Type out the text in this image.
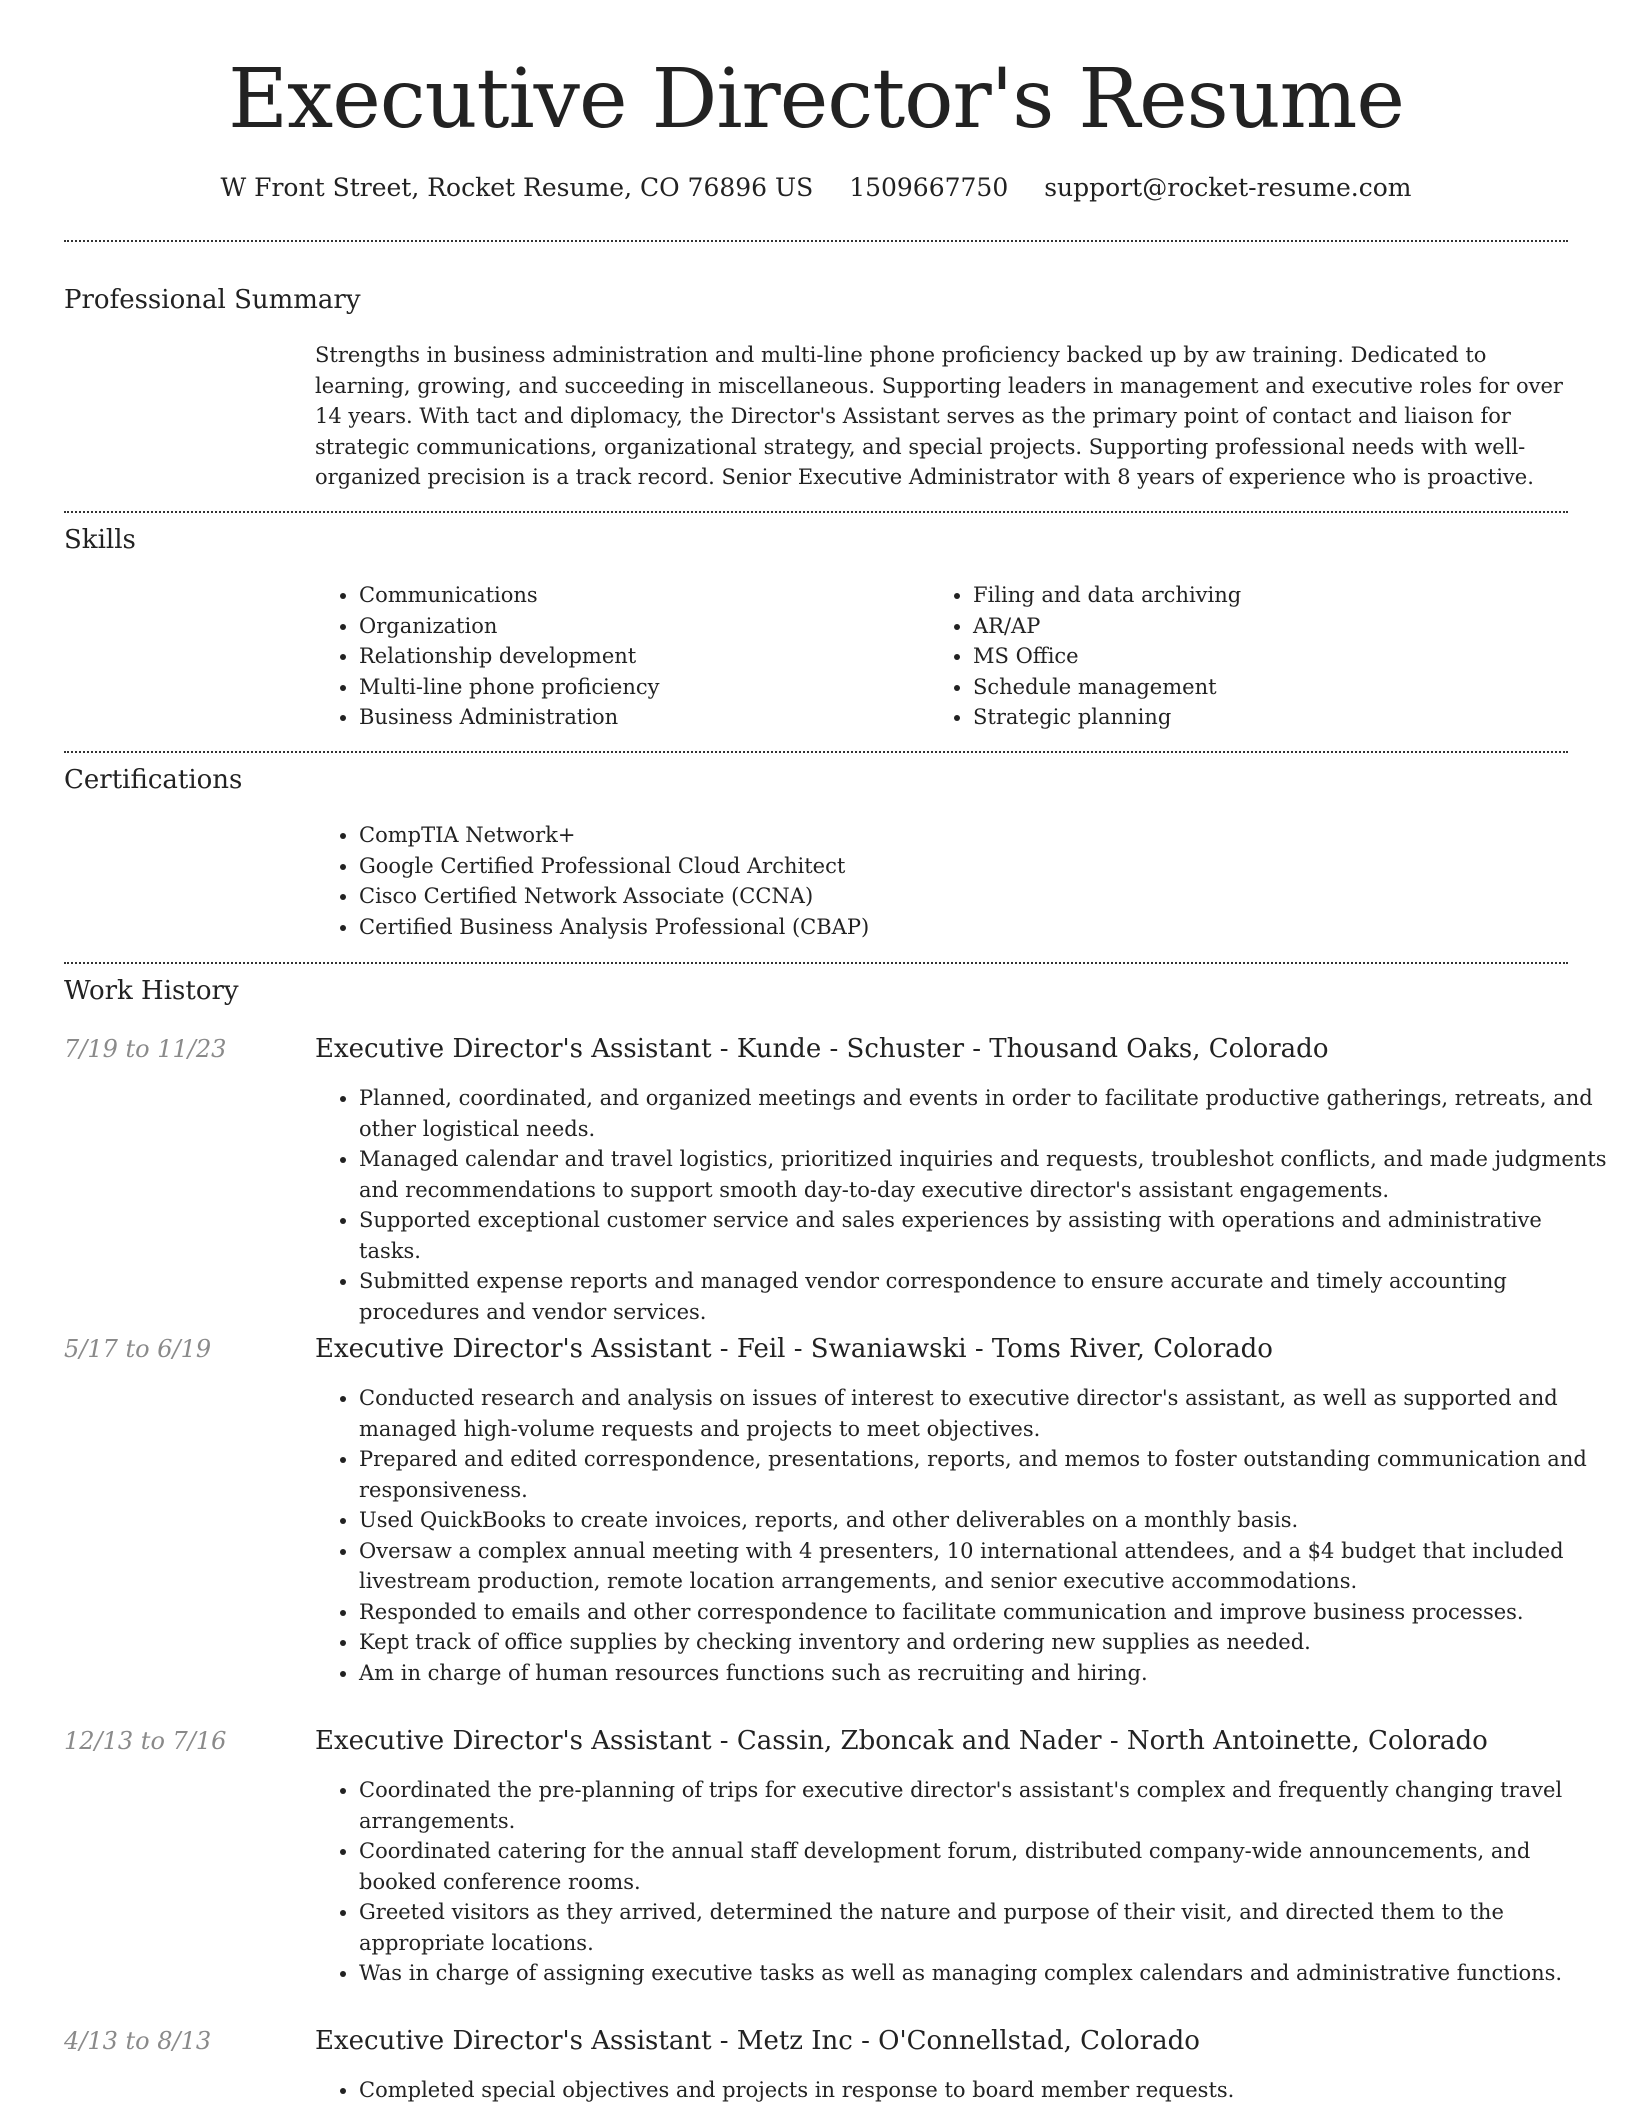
Executive Director's Resume
W Front Street, Rocket Resume, CO 76896 US 1509667750 support@rocket-resume.com
Professional Summary

Strengths in business administration and multi-line phone proficiency backed up by aw training. Dedicated to learning, growing, and succeeding in miscellaneous. Supporting leaders in management and executive roles for over 14 years. With tact and diplomacy, the Director's Assistant serves as the primary point of contact and liaison for strategic communications, organizational strategy, and special projects. Supporting professional needs with well-organized precision is a track record. Senior Executive Administrator with 8 years of experience who is proactive.

Skills
• Communications
• Organization
• Relationship development
• Multi-line phone proficiency
• Business Administration
• Filing and data archiving
• AR/AP
• MS Office
• Schedule management
• Strategic planning
Certifications
• CompTIA Network+
• Google Certified Professional Cloud Architect
• Cisco Certified Network Associate (CCNA)
• Certified Business Analysis Professional (CBAP)
Work History
7/19 to 11/23	Executive Director's Assistant - Kunde - Schuster - Thousand Oaks, Colorado
• Planned, coordinated, and organized meetings and events in order to facilitate productive gatherings, retreats, and other logistical needs.
• Managed calendar and travel logistics, prioritized inquiries and requests, troubleshot conflicts, and made judgments and recommendations to support smooth day-to-day executive director's assistant engagements.
• Supported exceptional customer service and sales experiences by assisting with operations and administrative tasks.
• Submitted expense reports and managed vendor correspondence to ensure accurate and timely accounting procedures and vendor services.
5/17 to 6/19	Executive Director's Assistant - Feil - Swaniawski - Toms River, Colorado
• Conducted research and analysis on issues of interest to executive director's assistant, as well as supported and managed high-volume requests and projects to meet objectives.
• Prepared and edited correspondence, presentations, reports, and memos to foster outstanding communication and responsiveness.
• Used QuickBooks to create invoices, reports, and other deliverables on a monthly basis.
• Oversaw a complex annual meeting with 4 presenters, 10 international attendees, and a $4 budget that included livestream production, remote location arrangements, and senior executive accommodations.
• Responded to emails and other correspondence to facilitate communication and improve business processes.
• Kept track of office supplies by checking inventory and ordering new supplies as needed.
• Am in charge of human resources functions such as recruiting and hiring.
12/13 to 7/16	Executive Director's Assistant - Cassin, Zboncak and Nader - North Antoinette, Colorado
• Coordinated the pre-planning of trips for executive director's assistant's complex and frequently changing travel arrangements.
• Coordinated catering for the annual staff development forum, distributed company-wide announcements, and booked conference rooms.
• Greeted visitors as they arrived, determined the nature and purpose of their visit, and directed them to the appropriate locations.
• Was in charge of assigning executive tasks as well as managing complex calendars and administrative functions.
4/13 to 8/13	Executive Director's Assistant - Metz Inc - O'Connellstad, Colorado
• Completed special objectives and projects in response to board member requests.
